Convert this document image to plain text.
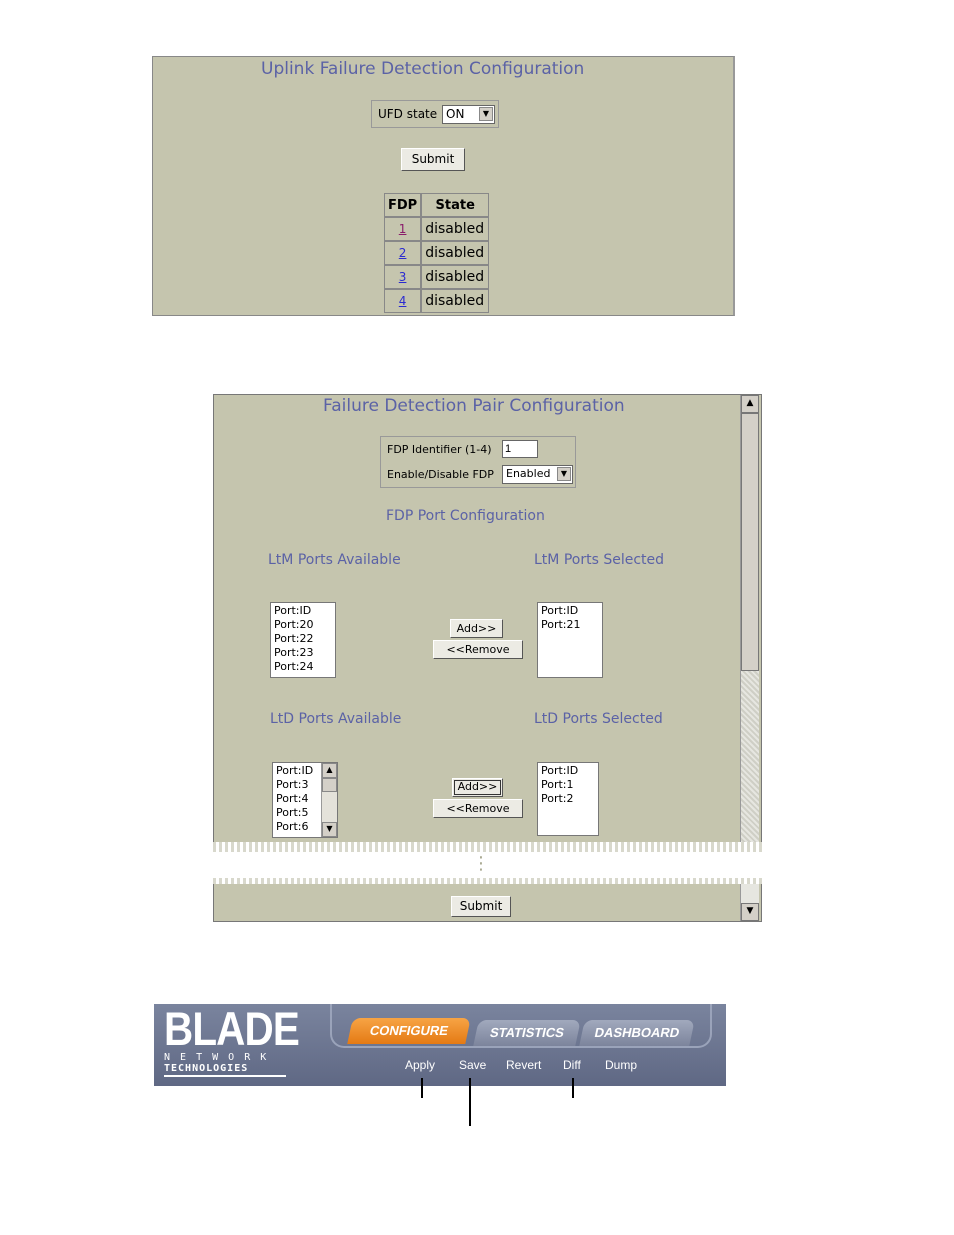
Uplink Failure Detection Configuration
UFD state ON	▼
Submit
FDP	State
1	disabled
2	disabled
3	disabled
4	disabled
Failure Detection Pair Configuration
FDP Identifier (1-4)
1
Enable/Disable FDP	Enabled	▼
FDP Port Configuration
LtM Ports Available	LtM Ports Selected
Port:ID
Port:20
Port:22
Port:23
Port:24
Add>>
<<Remove
Port:ID
Port:21
LtD Ports Available	LtD Ports Selected
Port:ID
Port:3
Port:4
Port:5
Port:6
▲
▼
Add>>
<<Remove
Port:ID
Port:1
Port:2
▲
⋮
Submit	▼
BLADE
N E T W O R K
TECHNOLOGIES
CONFIGURE	STATISTICS	DASHBOARD
Apply Save Revert Diff Dump
